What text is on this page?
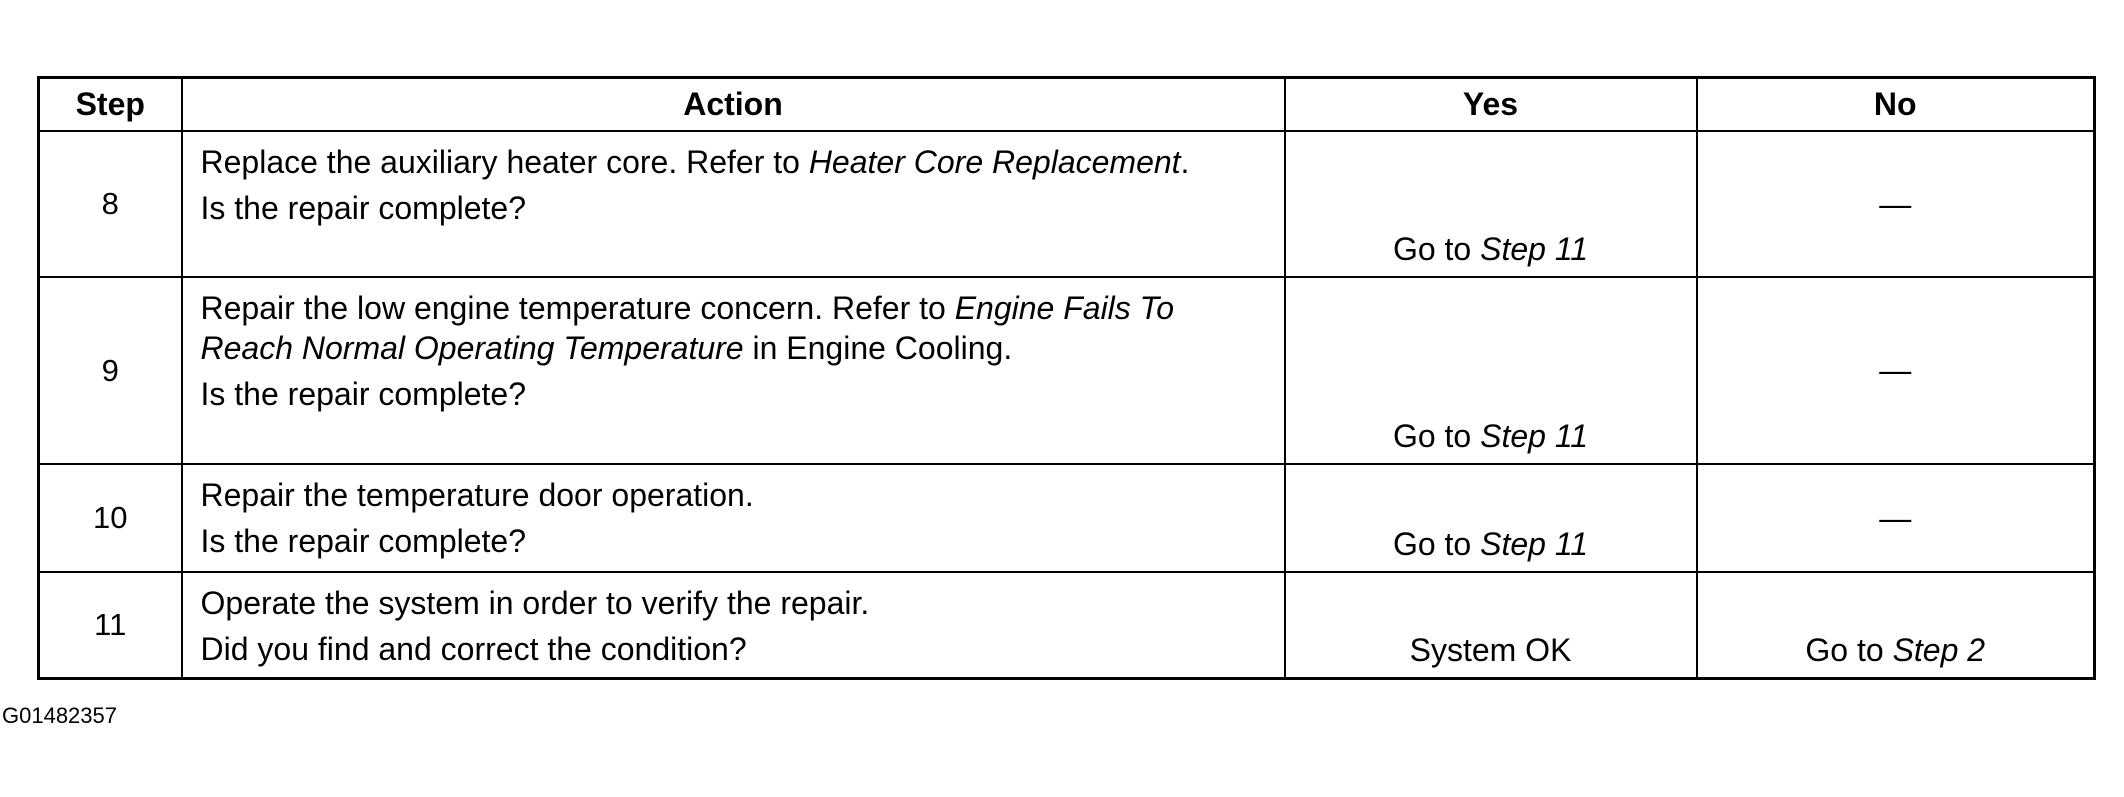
Step	Action	Yes	No
8	Replace the auxiliary heater core. Refer to Heater Core Replacement.

Is the repair complete?	Go to Step 11	—
9	Repair the low engine temperature concern. Refer to Engine Fails To Reach Normal Operating Temperature in Engine Cooling.

Is the repair complete?	Go to Step 11	—
10	Repair the temperature door operation.

Is the repair complete?	Go to Step 11	—
11	Operate the system in order to verify the repair.

Did you find and correct the condition?	System OK	Go to Step 2
G01482357
